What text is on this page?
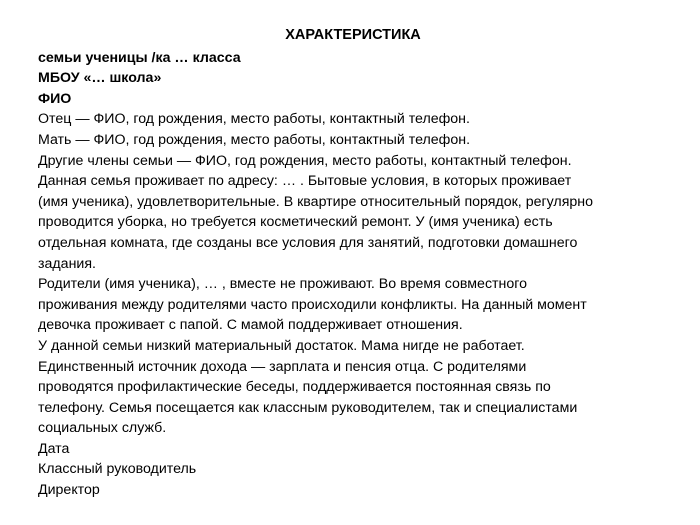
ХАРАКТЕРИСТИКА

семьи ученицы /ка … класса

МБОУ «… школа»

ФИО

Отец — ФИО, год рождения, место работы, контактный телефон.

Мать — ФИО, год рождения, место работы, контактный телефон.

Другие члены семьи — ФИО, год рождения, место работы, контактный телефон.

Данная семья проживает по адресу: … . Бытовые условия, в которых проживает

(имя ученика), удовлетворительные. В квартире относительный порядок, регулярно

проводится уборка, но требуется косметический ремонт. У (имя ученика) есть

отдельная комната, где созданы все условия для занятий, подготовки домашнего

задания.

Родители (имя ученика), … , вместе не проживают. Во время совместного

проживания между родителями часто происходили конфликты. На данный момент

девочка проживает с папой. С мамой поддерживает отношения.

У данной семьи низкий материальный достаток. Мама нигде не работает.

Единственный источник дохода — зарплата и пенсия отца. С родителями

проводятся профилактические беседы, поддерживается постоянная связь по

телефону. Семья посещается как классным руководителем, так и специалистами

социальных служб.

Дата

Классный руководитель

Директор
